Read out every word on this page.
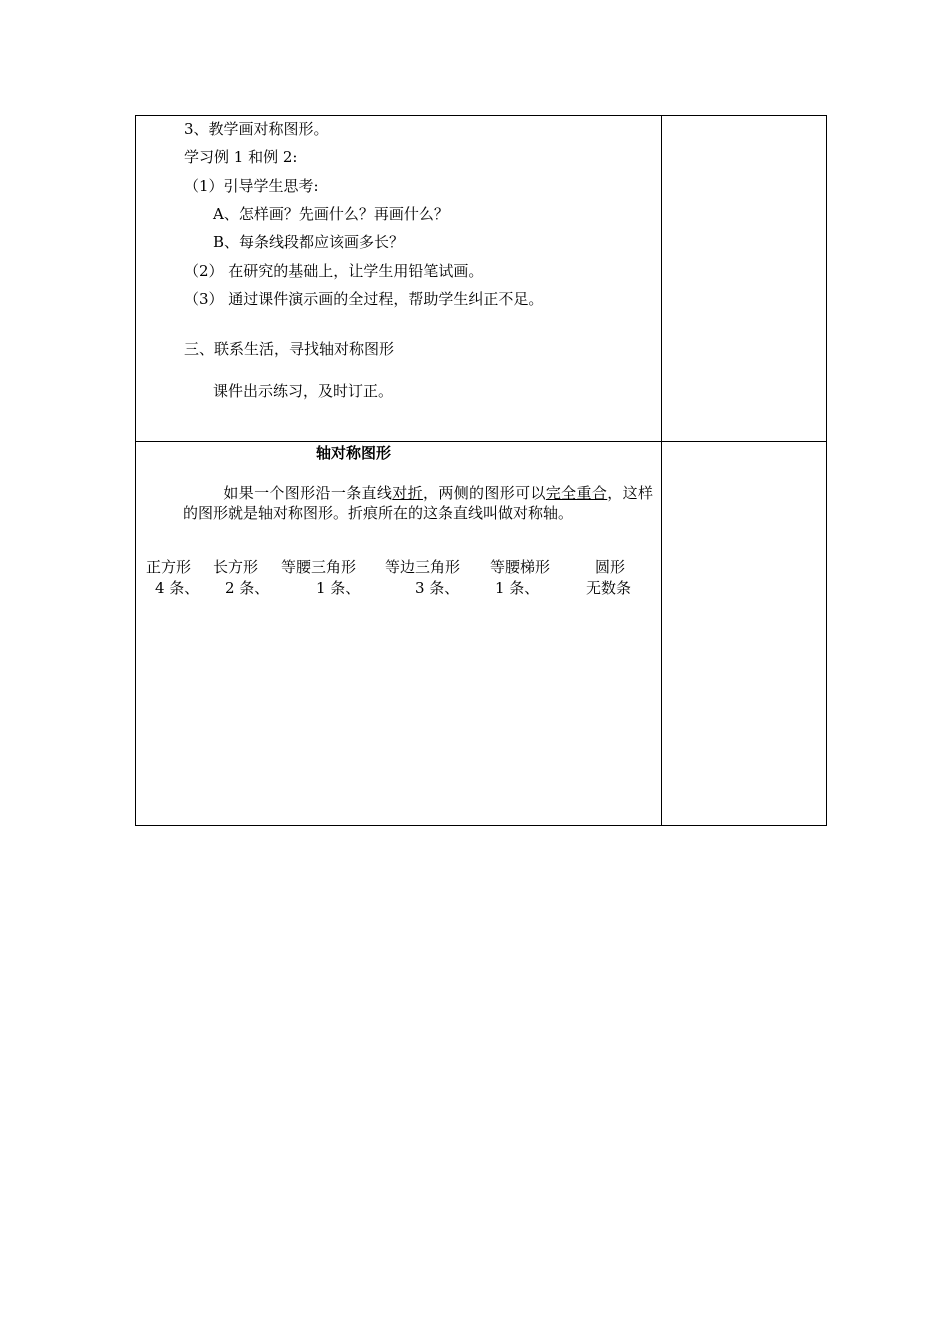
3、教学画对称图形。
学习例 1 和例 2:
（1）引导学生思考:
A、怎样画？先画什么？再画什么？
B、每条线段都应该画多长？
（2） 在研究的基础上，让学生用铅笔试画。
（3） 通过课件演示画的全过程，帮助学生纠正不足。
三、联系生活，寻找轴对称图形
课件出示练习，及时订正。
轴对称图形
如果一个图形沿一条直线对折，两侧的图形可以完全重合，这样的图形就是轴对称图形。折痕所在的这条直线叫做对称轴。
正方形 长方形 等腰三角形 等边三角形 等腰梯形	圆形
4 条、 2 条、	1 条、	3 条、 1 条、	无数条
